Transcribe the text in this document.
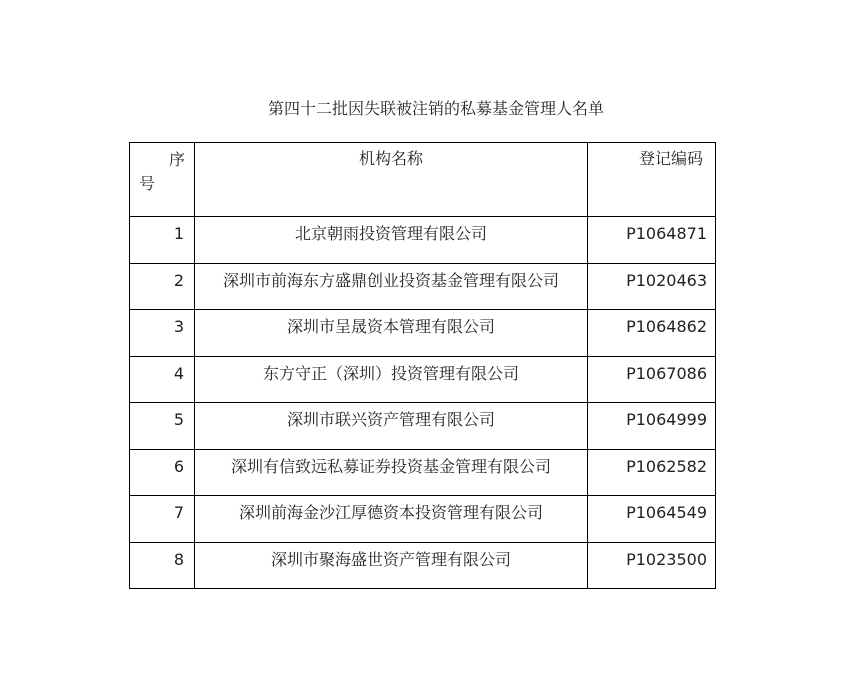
第四十二批因失联被注销的私募基金管理人名单
序
号	机构名称	登记编码
1	北京朝雨投资管理有限公司	P1064871
2	深圳市前海东方盛鼎创业投资基金管理有限公司	P1020463
3	深圳市呈晟资本管理有限公司	P1064862
4	东方守正（深圳）投资管理有限公司	P1067086
5	深圳市联兴资产管理有限公司	P1064999
6	深圳有信致远私募证券投资基金管理有限公司	P1062582
7	深圳前海金沙江厚德资本投资管理有限公司	P1064549
8	深圳市聚海盛世资产管理有限公司	P1023500
